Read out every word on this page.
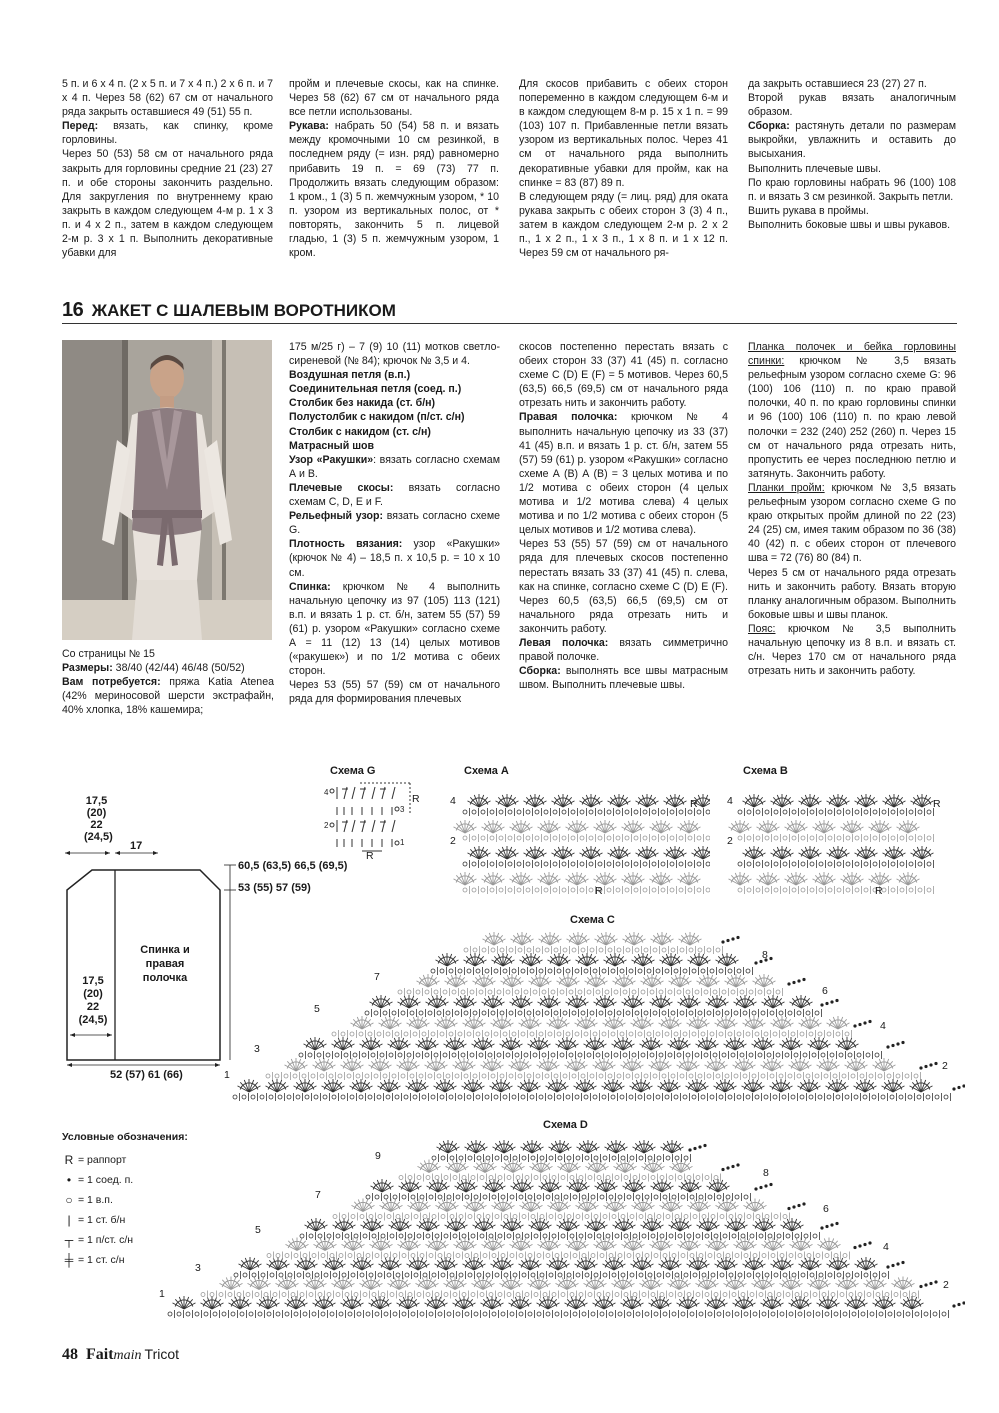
5 п. и 6 х 4 п. (2 х 5 п. и 7 х 4 п.) 2 х 6 п. и 7 х 4 п. Через 58 (62) 67 см от начального ряда закрыть оставшиеся 49 (51) 55 п.

Перед: вязать, как спинку, кроме горловины.

Через 50 (53) 58 см от начального ряда закрыть для горловины средние 21 (23) 27 п. и обе стороны закончить раздельно. Для закругления по внутреннему краю закрыть в каждом следующем 4-м р. 1 х 3 п. и 4 х 2 п., затем в каждом следующем 2-м р. 3 х 1 п. Выполнить декоративные убавки для

пройм и плечевые скосы, как на спинке. Через 58 (62) 67 см от начального ряда все петли использованы.

Рукава: набрать 50 (54) 58 п. и вязать между кромочными 10 см резинкой, в последнем ряду (= изн. ряд) равномерно прибавить 19 п. = 69 (73) 77 п. Продолжить вязать следующим образом: 1 кром., 1 (3) 5 п. жемчужным узором, * 10 п. узором из вертикальных полос, от * повторять, закончить 5 п. лицевой гладью, 1 (3) 5 п. жемчужным узором, 1 кром.

Для скосов прибавить с обеих сторон попеременно в каждом следующем 6-м и в каждом следующем 8-м р. 15 х 1 п. = 99 (103) 107 п. Прибавленные петли вязать узором из вертикальных полос. Через 41 см от начального ряда выполнить декоративные убавки для пройм, как на спинке = 83 (87) 89 п.

В следующем ряду (= лиц. ряд) для оката рукава закрыть с обеих сторон 3 (3) 4 п., затем в каждом следующем 2-м р. 2 х 2 п., 1 х 2 п., 1 х 3 п., 1 х 8 п. и 1 х 12 п. Через 59 см от начального ря-

да закрыть оставшиеся 23 (27) 27 п.

Второй рукав вязать аналогичным образом.

Сборка: растянуть детали по размерам выкройки, увлажнить и оставить до высыхания.

Выполнить плечевые швы.

По краю горловины набрать 96 (100) 108 п. и вязать 3 см резинкой. Закрыть петли.

Вшить рукава в проймы.

Выполнить боковые швы и швы рукавов.

16 ЖАКЕТ С ШАЛЕВЫМ ВОРОТНИКОМ

Со страницы № 15

Размеры: 38/40 (42/44) 46/48 (50/52)

Вам потребуется: пряжа Katia Atenea (42% мериносовой шерсти экстрафайн, 40% хлопка, 18% кашемира;

175 м/25 г) – 7 (9) 10 (11) мотков светло-сиреневой (№ 84); крючок № 3,5 и 4.

Воздушная петля (в.п.)

Соединительная петля (соед. п.)

Столбик без накида (ст. б/н)

Полустолбик с накидом (п/ст. с/н)

Столбик с накидом (ст. с/н)

Матрасный шов

Узор «Ракушки»: вязать согласно схемам А и В.

Плечевые скосы: вязать согласно схемам С, D, E и F.

Рельефный узор: вязать согласно схеме G.

Плотность вязания: узор «Ракушки» (крючок № 4) – 18,5 п. х 10,5 р. = 10 х 10 см.

Спинка: крючком № 4 выполнить начальную цепочку из 97 (105) 113 (121) в.п. и вязать 1 р. ст. б/н, затем 55 (57) 59 (61) р. узором «Ракушки» согласно схеме А = 11 (12) 13 (14) целых мотивов («ракушек») и по 1/2 мотива с обеих сторон.

Через 53 (55) 57 (59) см от начального ряда для формирования плечевых

скосов постепенно перестать вязать с обеих сторон 33 (37) 41 (45) п. согласно схеме С (D) E (F) = 5 мотивов. Через 60,5 (63,5) 66,5 (69,5) см от начального ряда отрезать нить и закончить работу.

Правая полочка: крючком № 4 выполнить начальную цепочку из 33 (37) 41 (45) в.п. и вязать 1 р. ст. б/н, затем 55 (57) 59 (61) р. узором «Ракушки» согласно схеме А (В) А (В) = 3 целых мотива и по 1/2 мотива с обеих сторон (4 целых мотива и 1/2 мотива слева) 4 целых мотива и по 1/2 мотива с обеих сторон (5 целых мотивов и 1/2 мотива слева).

Через 53 (55) 57 (59) см от начального ряда для плечевых скосов постепенно перестать вязать 33 (37) 41 (45) п. слева, как на спинке, согласно схеме С (D) E (F). Через 60,5 (63,5) 66,5 (69,5) см от начального ряда отрезать нить и закончить работу.

Левая полочка: вязать симметрично правой полочке.

Сборка: выполнять все швы матрасным швом. Выполнить плечевые швы.

Планка полочек и бейка горловины спинки: крючком № 3,5 вязать рельефным узором согласно схеме G: 96 (100) 106 (110) п. по краю правой полочки, 40 п. по краю горловины спинки и 96 (100) 106 (110) п. по краю левой полочки = 232 (240) 252 (260) п. Через 15 см от начального ряда отрезать нить, пропустить ее через последнюю петлю и затянуть. Закончить работу.

Планки пройм: крючком № 3,5 вязать рельефным узором согласно схеме G по краю открытых пройм длиной по 22 (23) 24 (25) см, имея таким образом по 36 (38) 40 (42) п. с обеих сторон от плечевого шва = 72 (76) 80 (84) п.

Через 5 см от начального ряда отрезать нить и закончить работу. Вязать вторую планку аналогичным образом. Выполнить боковые швы и швы планок.

Пояс: крючком № 3,5 выполнить начальную цепочку из 8 в.п. и вязать ст. с/н. Через 170 см от начального ряда отрезать нить и закончить работу.

17,5
(20)
22
(24,5)
17
60,5 (63,5) 66,5 (69,5)
53 (55) 57 (59)
17,5
(20)
22
(24,5)
52 (57) 61 (66)
Спинка и правая
полочка
Схема G
4
3
2
1
R
R
Схема A
4
2
R
R
Схема B
4
2
R
R
Схема C
1
3
5
7
2
4
6
8
Схема D
1
3
5
7
9
2
4
6
8
Условные обозначения:
R = раппорт
• = 1 соед. п.
○ = 1 в.п.
| = 1 ст. б/н
┬ = 1 п/ст. с/н
╪ = 1 ст. с/н
48 Faitmain Tricot
